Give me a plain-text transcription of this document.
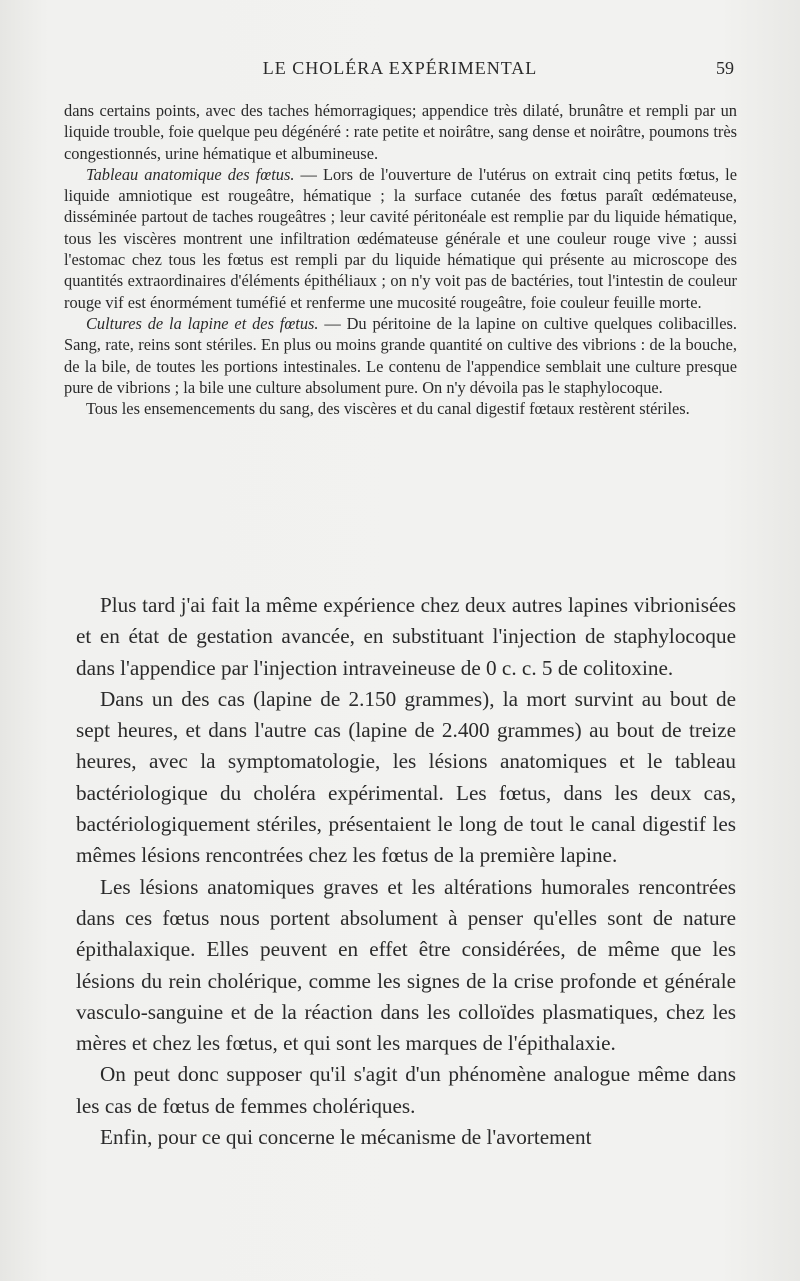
LE CHOLÉRA EXPÉRIMENTAL	59

dans certains points, avec des taches hémorragiques; appendice très dilaté, brunâtre et rempli par un liquide trouble, foie quelque peu dégénéré : rate petite et noirâtre, sang dense et noirâtre, poumons très congestionnés, urine hématique et albumineuse.

Tableau anatomique des fœtus. — Lors de l'ouverture de l'utérus on extrait cinq petits fœtus, le liquide amniotique est rougeâtre, hématique ; la surface cutanée des fœtus paraît œdémateuse, disséminée partout de taches rougeâtres ; leur cavité péritonéale est remplie par du liquide hématique, tous les viscères montrent une infiltration œdémateuse générale et une couleur rouge vive ; aussi l'estomac chez tous les fœtus est rempli par du liquide hématique qui présente au microscope des quantités extraordinaires d'éléments épithéliaux ; on n'y voit pas de bactéries, tout l'intestin de couleur rouge vif est énormément tuméfié et renferme une mucosité rougeâtre, foie couleur feuille morte.

Cultures de la lapine et des fœtus. — Du péritoine de la lapine on cultive quelques colibacilles. Sang, rate, reins sont stériles. En plus ou moins grande quantité on cultive des vibrions : de la bouche, de la bile, de toutes les portions intestinales. Le contenu de l'appendice semblait une culture presque pure de vibrions ; la bile une culture absolument pure. On n'y dévoila pas le staphylocoque.

Tous les ensemencements du sang, des viscères et du canal digestif fœtaux restèrent stériles.

Plus tard j'ai fait la même expérience chez deux autres lapines vibrionisées et en état de gestation avancée, en substituant l'injection de staphylocoque dans l'appendice par l'injection intraveineuse de 0 c. c. 5 de colitoxine.

Dans un des cas (lapine de 2.150 grammes), la mort survint au bout de sept heures, et dans l'autre cas (lapine de 2.400 grammes) au bout de treize heures, avec la symptomatologie, les lésions anatomiques et le tableau bactériologique du choléra expérimental. Les fœtus, dans les deux cas, bactériologiquement stériles, présentaient le long de tout le canal digestif les mêmes lésions rencontrées chez les fœtus de la première lapine.

Les lésions anatomiques graves et les altérations humorales rencontrées dans ces fœtus nous portent absolument à penser qu'elles sont de nature épithalaxique. Elles peuvent en effet être considérées, de même que les lésions du rein cholérique, comme les signes de la crise profonde et générale vasculo-sanguine et de la réaction dans les colloïdes plasmatiques, chez les mères et chez les fœtus, et qui sont les marques de l'épithalaxie.

On peut donc supposer qu'il s'agit d'un phénomène analogue même dans les cas de fœtus de femmes cholériques.

Enfin, pour ce qui concerne le mécanisme de l'avortement
